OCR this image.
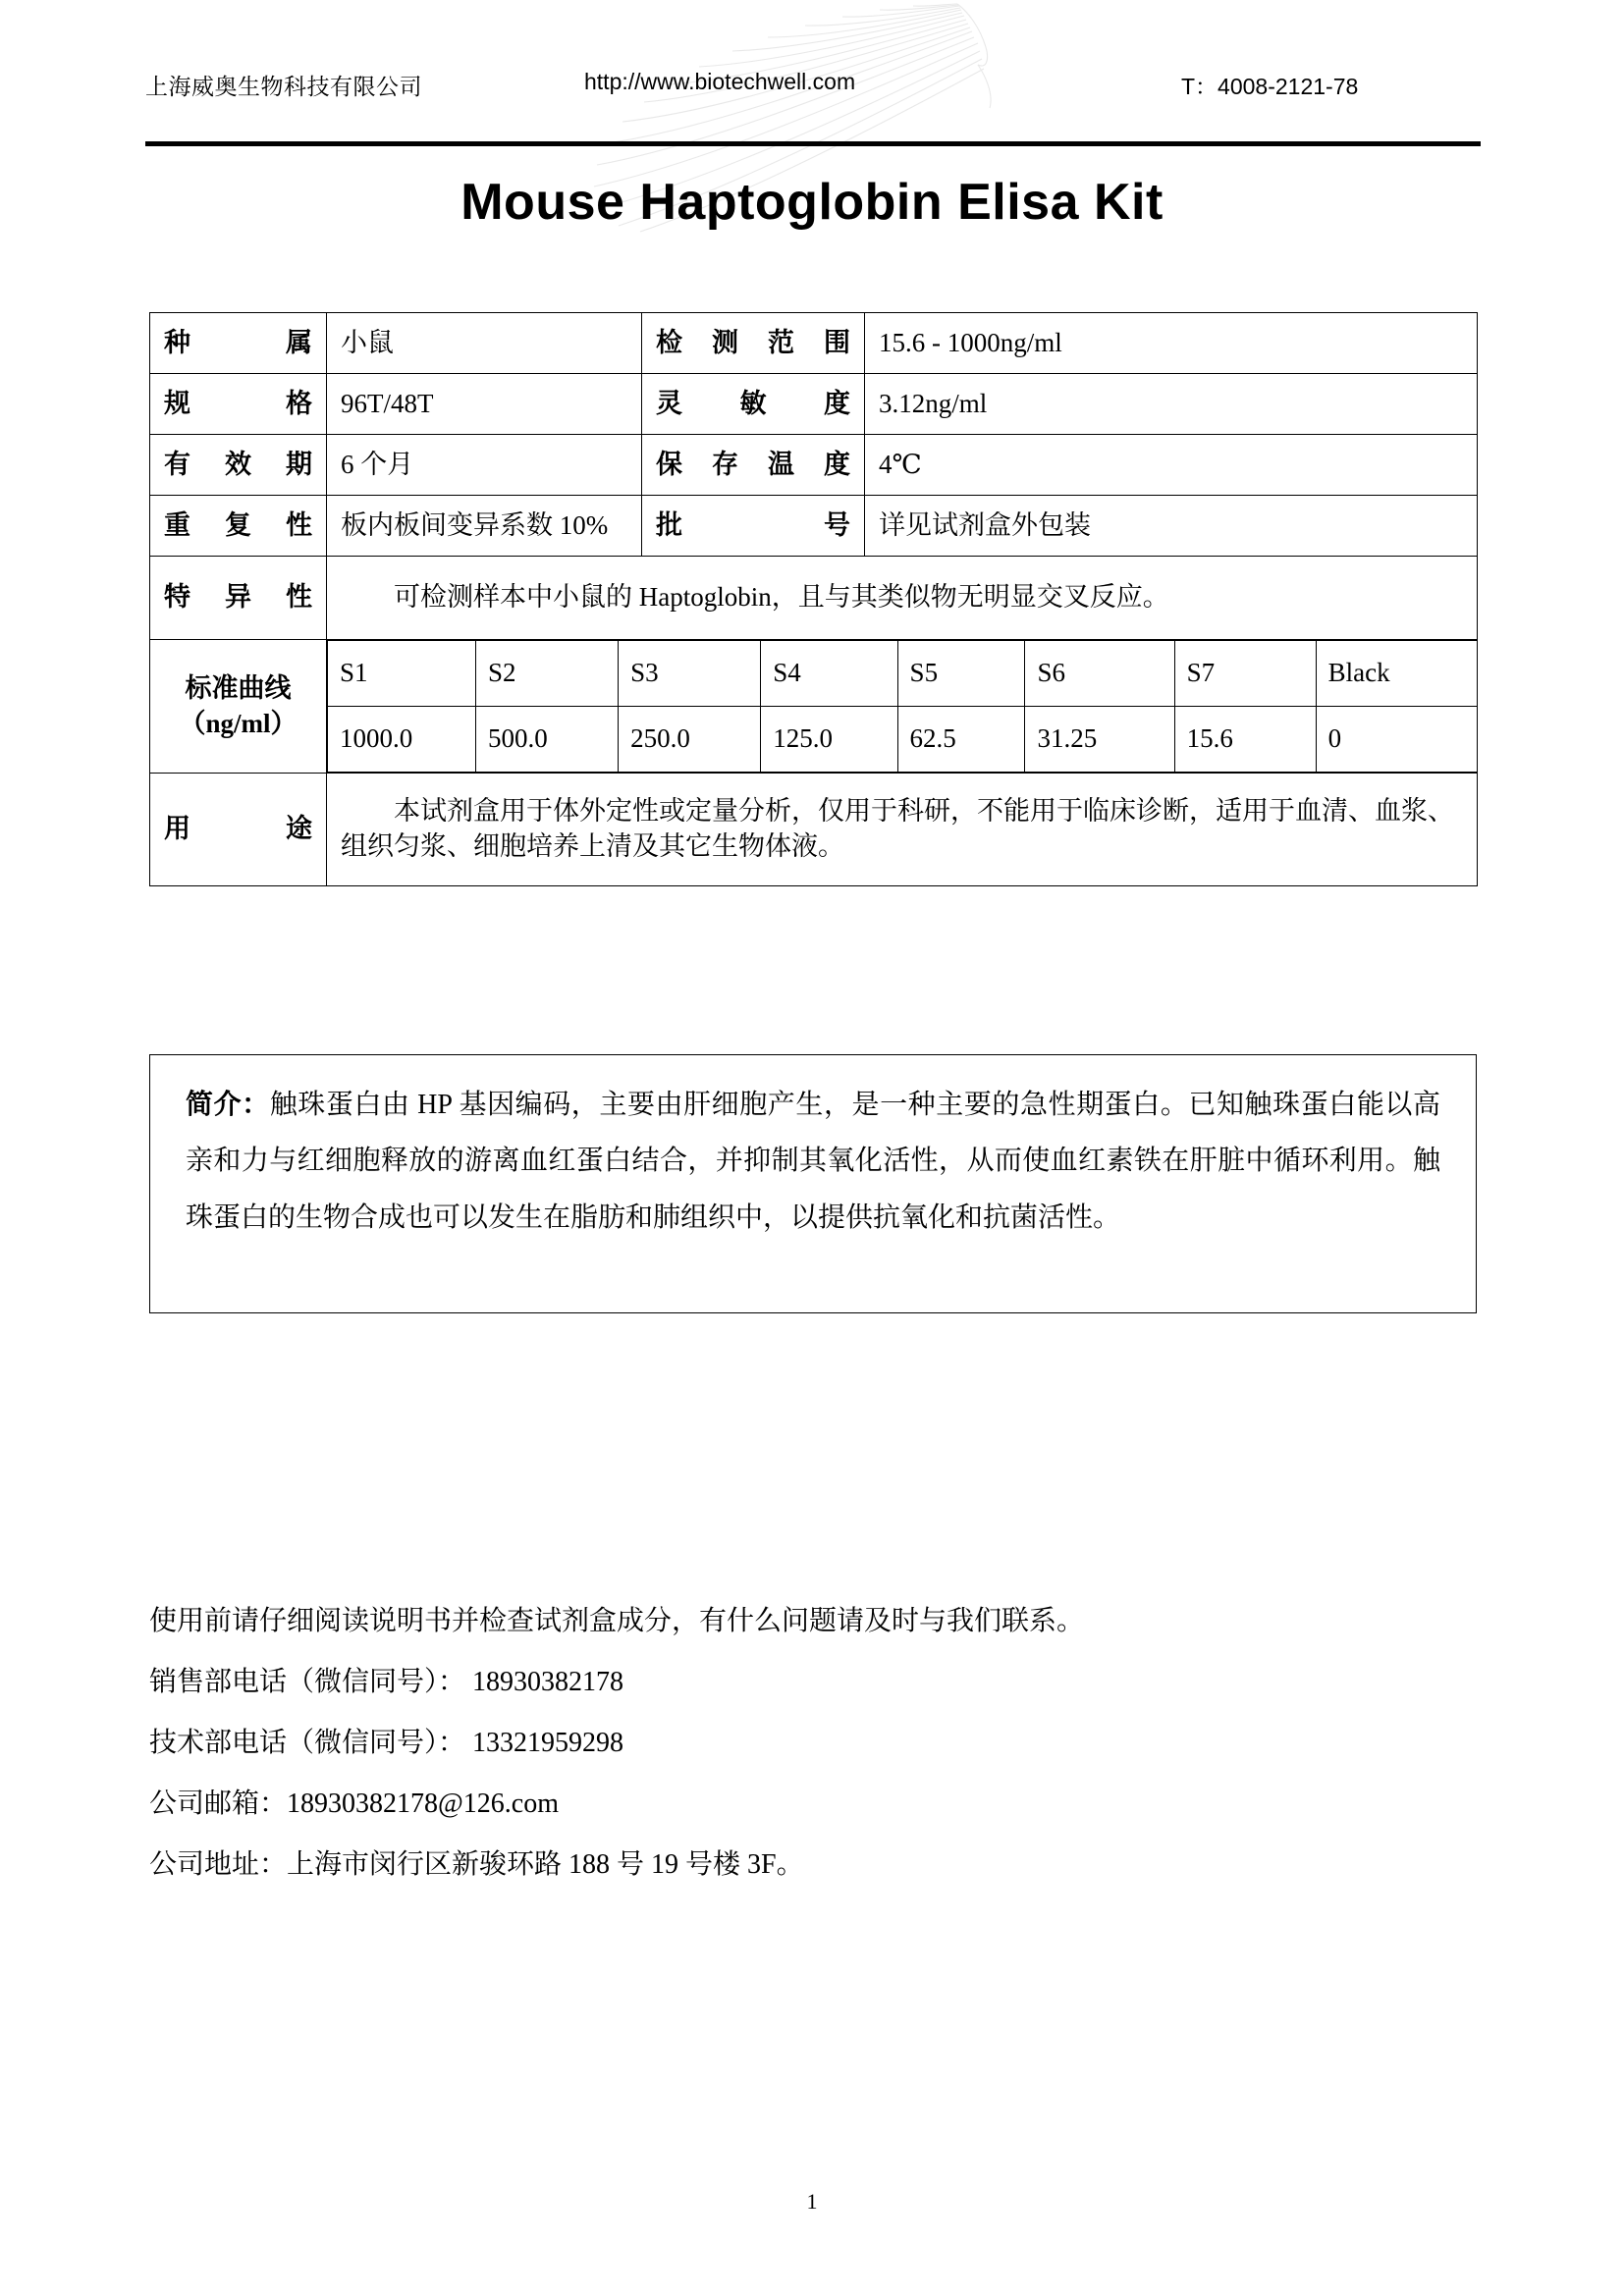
上海威奥生物科技有限公司	http://www.biotechwell.com	T：4008-2121-78
Mouse Haptoglobin Elisa Kit
种 属	小鼠	检测范围	15.6 - 1000ng/ml
规 格	96T/48T	灵 敏 度	3.12ng/ml
有 效 期	6 个月	保存温度	4℃
重 复 性	板内板间变异系数 10%	批 号	详见试剂盒外包装
特 异 性	可检测样本中小鼠的 Haptoglobin，且与其类似物无明显交叉反应。

标准曲线
（ng/ml）

S1	S2	S3	S4	S5	S6	S7	Black
1000.0	500.0	250.0	125.0	62.5	31.25	15.6	0

用 途	本试剂盒用于体外定性或定量分析，仅用于科研，不能用于临床诊断，适用于血清、血浆、组织匀浆、细胞培养上清及其它生物体液。
简介：触珠蛋白由 HP 基因编码，主要由肝细胞产生，是一种主要的急性期蛋白。已知触珠蛋白能以高亲和力与红细胞释放的游离血红蛋白结合，并抑制其氧化活性，从而使血红素铁在肝脏中循环利用。触珠蛋白的生物合成也可以发生在脂肪和肺组织中，以提供抗氧化和抗菌活性。

使用前请仔细阅读说明书并检查试剂盒成分，有什么问题请及时与我们联系。

销售部电话（微信同号）： 18930382178

技术部电话（微信同号）： 13321959298

公司邮箱：18930382178@126.com

公司地址：上海市闵行区新骏环路 188 号 19 号楼 3F。

1
